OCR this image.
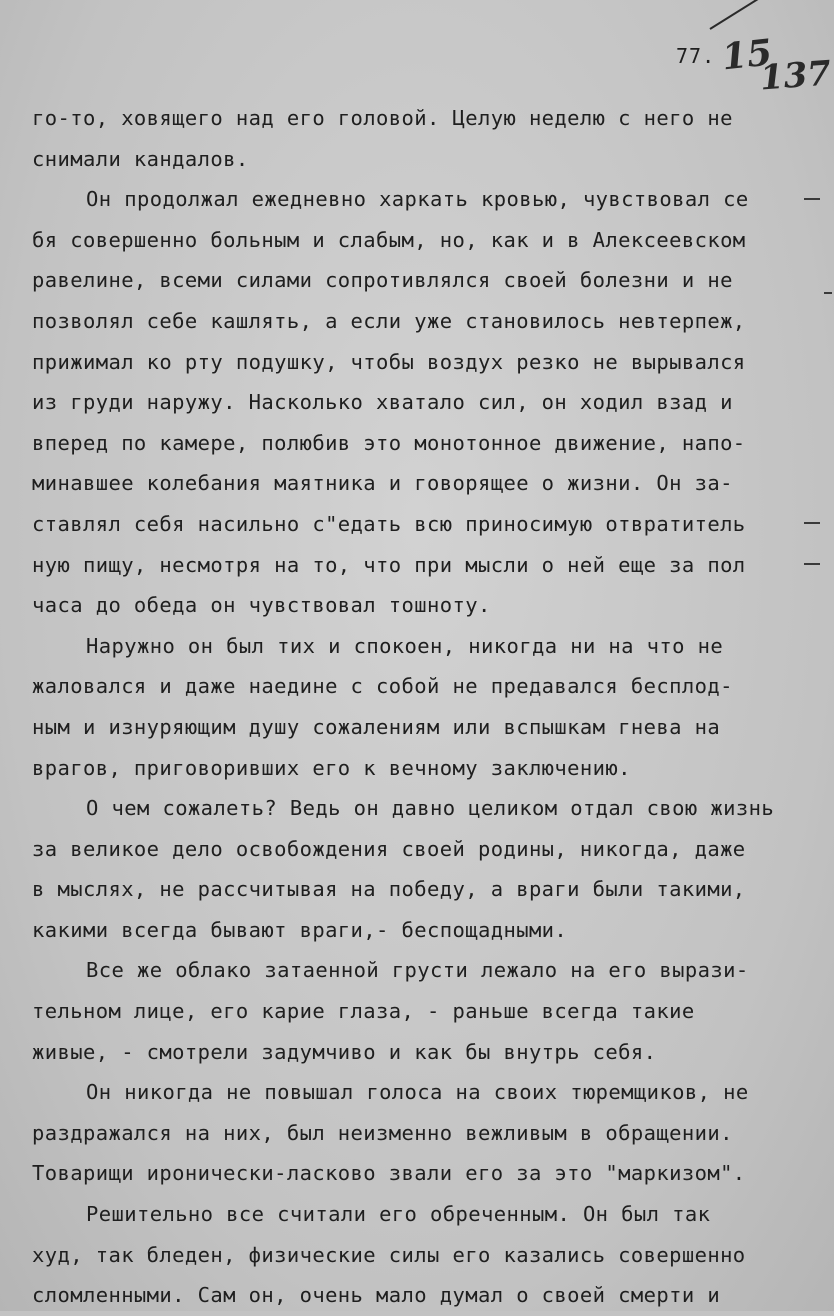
77. 15
137
го-то, ховящего над его головой. Целую неделю с него не
снимали кандалов.
Он продолжал ежедневно харкать кровью, чувствовал се
бя совершенно больным и слабым, но, как и в Алексеевском
равелине, всеми силами сопротивлялся своей болезни и не
позволял себе кашлять, а если уже становилось невтерпеж,
прижимал ко рту подушку, чтобы воздух резко не вырывался
из груди наружу. Насколько хватало сил, он ходил взад и
вперед по камере, полюбив это монотонное движение, напо-
минавшее колебания маятника и говорящее о жизни. Он за-
ставлял себя насильно с"едать всю приносимую отвратитель
ную пищу, несмотря на то, что при мысли о ней еще за пол
часа до обеда он чувствовал тошноту.
Наружно он был тих и спокоен, никогда ни на что не
жаловался и даже наедине с собой не предавался бесплод-
ным и изнуряющим душу сожалениям или вспышкам гнева на
врагов, приговоривших его к вечному заключению.
О чем сожалеть? Ведь он давно целиком отдал свою жизнь
за великое дело освобождения своей родины, никогда, даже
в мыслях, не рассчитывая на победу, а враги были такими,
какими всегда бывают враги,- беспощадными.
Все же облако затаенной грусти лежало на его вырази-
тельном лице, его карие глаза, - раньше всегда такие
живые, - смотрели задумчиво и как бы внутрь себя.
Он никогда не повышал голоса на своих тюремщиков, не
раздражался на них, был неизменно вежливым в обращении.
Товарищи иронически-ласково звали его за это "маркизом".
Решительно все считали его обреченным. Он был так
худ, так бледен, физические силы его казались совершенно
сломленными. Сам он, очень мало думал о своей смерти и
